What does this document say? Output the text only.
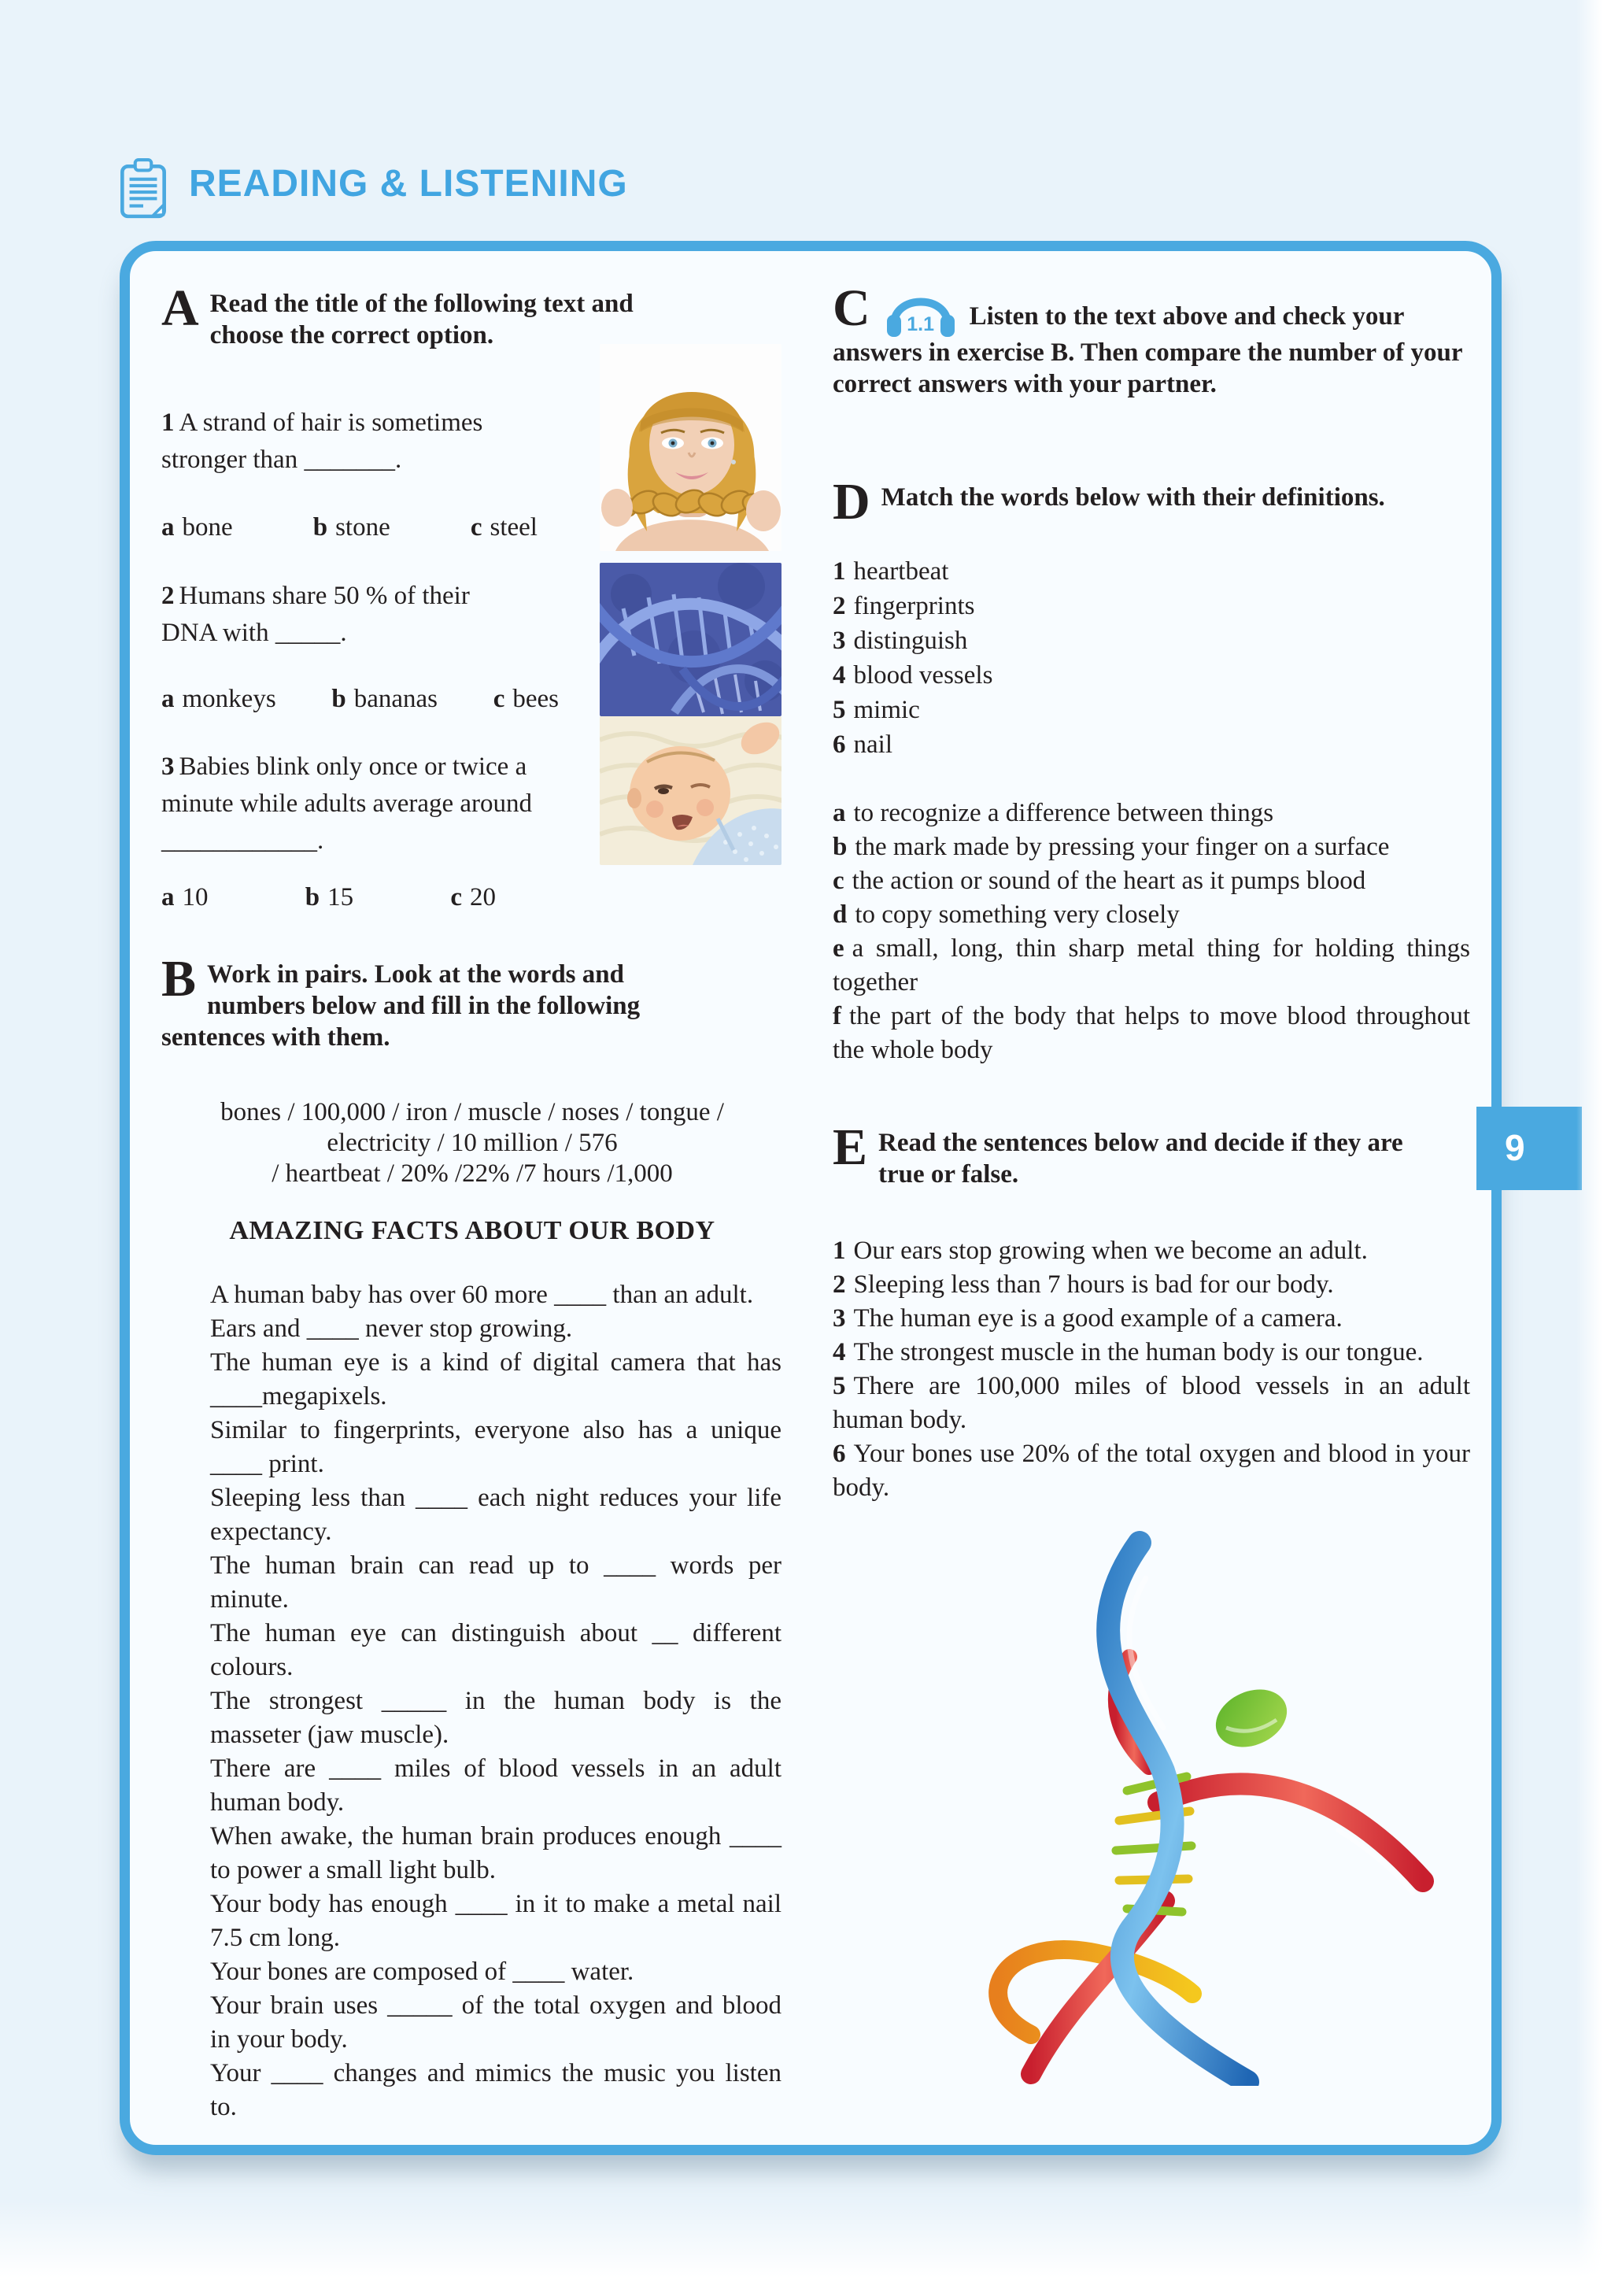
READING & LISTENING

A Read the title of the following text and choose the correct option.

1 A strand of hair is sometimes stronger than _______.

a bone	b stone	c steel

2 Humans share 50 % of their DNA with _____.

a monkeys b bananas c bees

3 Babies blink only once or twice a minute while adults average around ____________.

a 10	b 15	c 20

B Work in pairs. Look at the words and numbers below and fill in the following sentences with them.

bones / 100,000 / iron / muscle / noses / tongue /

electricity / 10 million / 576

/ heartbeat / 20% /22% /7 hours /1,000

AMAZING FACTS ABOUT OUR BODY

A human baby has over 60 more ____ than an adult.

Ears and ____ never stop growing.

The human eye is a kind of digital camera that has ____megapixels.

Similar to fingerprints, everyone also has a unique ____ print.

Sleeping less than ____ each night reduces your life expectancy.

The human brain can read up to ____ words per minute.

The human eye can distinguish about __ different colours.

The strongest _____ in the human body is the masseter (jaw muscle).

There are ____ miles of blood vessels in an adult human body.

When awake, the human brain produces enough ____ to power a small light bulb.

Your body has enough ____ in it to make a metal nail 7.5 cm long.

Your bones are composed of ____ water.

Your brain uses _____ of the total oxygen and blood in your body.

Your ____ changes and mimics the music you listen to.

C 1.1 Listen to the text above and check your answers in exercise B. Then compare the number of your correct answers with your partner.

D Match the words below with their definitions.

1 heartbeat

2 fingerprints

3 distinguish

4 blood vessels

5 mimic

6 nail

a to recognize a difference between things

b the mark made by pressing your finger on a surface

c the action or sound of the heart as it pumps blood

d to copy something very closely

e a small, long, thin sharp metal thing for holding things together

f the part of the body that helps to move blood throughout the whole body

E Read the sentences below and decide if they are true or false.

1 Our ears stop growing when we become an adult.

2 Sleeping less than 7 hours is bad for our body.

3 The human eye is a good example of a camera.

4 The strongest muscle in the human body is our tongue.

5 There are 100,000 miles of blood vessels in an adult human body.

6 Your bones use 20% of the total oxygen and blood in your body.

9
